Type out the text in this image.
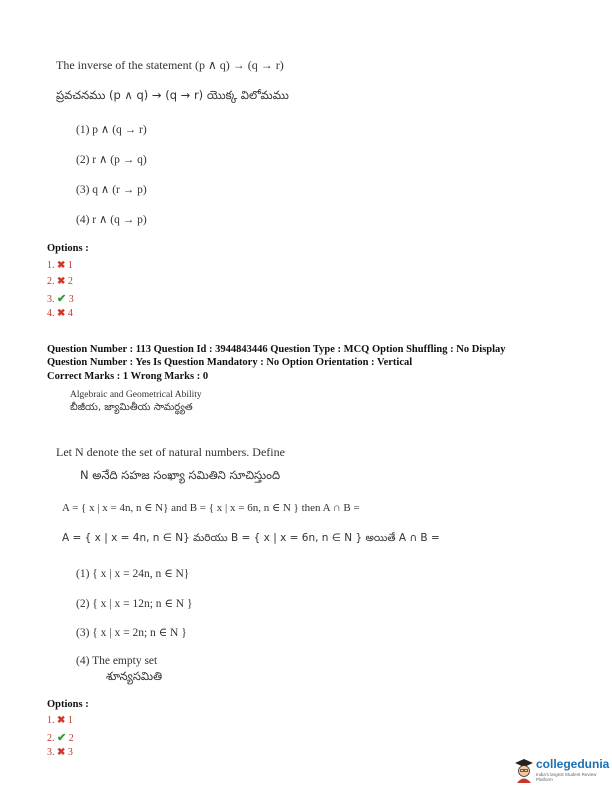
The inverse of the statement (p ∧ q) → (q → r)
ప్రవచనము (p ∧ q) → (q → r) యొక్క విలోమము
(1) p ∧ (q → r)
(2) r ∧ (p → q)
(3) q ∧ (r → p)
(4) r ∧ (q → p)
Options :
1. ✖ 1
2. ✖ 2
3. ✔ 3
4. ✖ 4
Question Number : 113 Question Id : 3944843446 Question Type : MCQ Option Shuffling : No Display
Question Number : Yes Is Question Mandatory : No Option Orientation : Vertical
Correct Marks : 1 Wrong Marks : 0
Algebraic and Geometrical Ability
బీజీయ, జ్యామితీయ సామర్థ్యత
Let N denote the set of natural numbers. Define
N అనేది సహజ సంఖ్యా సమితిని సూచిస్తుంది
A = { x | x = 4n, n ∈ N} and B = { x | x = 6n, n ∈ N } then A ∩ B =
A = { x | x = 4n, n ∈ N} మరియు B = { x | x = 6n, n ∈ N } అయితే A ∩ B =
(1) { x | x = 24n, n ∈ N}
(2) { x | x = 12n; n ∈ N }
(3) { x | x = 2n; n ∈ N }
(4) The empty set
శూన్యసమితి
Options :
1. ✖ 1
2. ✔ 2
3. ✖ 3
collegedunia
India's largest Student Review Platform
